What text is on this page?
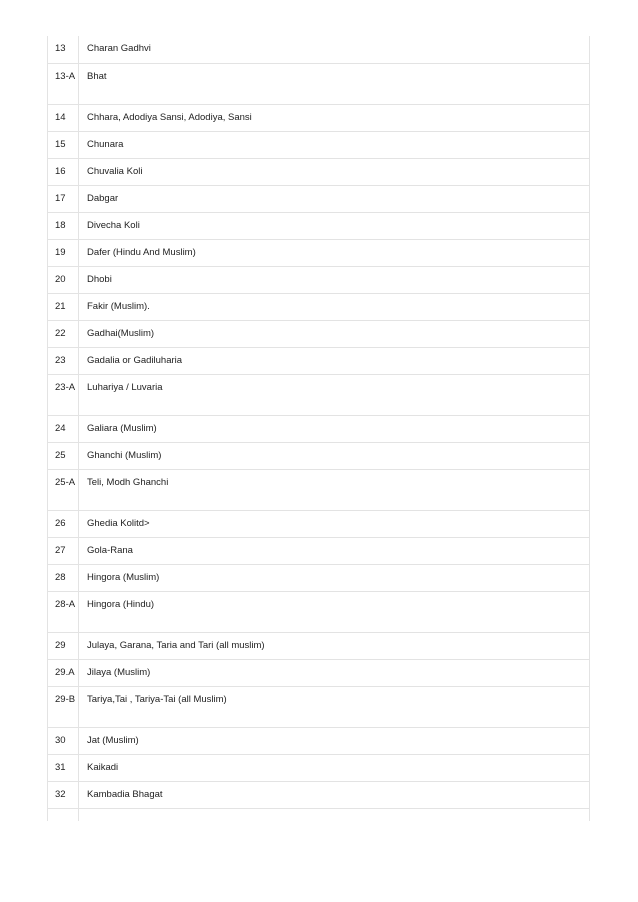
13	Charan Gadhvi
13-A	Bhat
14	Chhara, Adodiya Sansi, Adodiya, Sansi
15	Chunara
16	Chuvalia Koli
17	Dabgar
18	Divecha Koli
19	Dafer (Hindu And Muslim)
20	Dhobi
21	Fakir (Muslim).
22	Gadhai(Muslim)
23	Gadalia or Gadiluharia
23-A	Luhariya / Luvaria
24	Galiara (Muslim)
25	Ghanchi (Muslim)
25-A	Teli, Modh Ghanchi
26	Ghedia Kolitd>
27	Gola-Rana
28	Hingora (Muslim)
28-A	Hingora (Hindu)
29	Julaya, Garana, Taria and Tari (all muslim)
29.A	Jilaya (Muslim)
29-B	Tariya,Tai , Tariya-Tai (all Muslim)
30	Jat (Muslim)
31	Kaikadi
32	Kambadia Bhagat
